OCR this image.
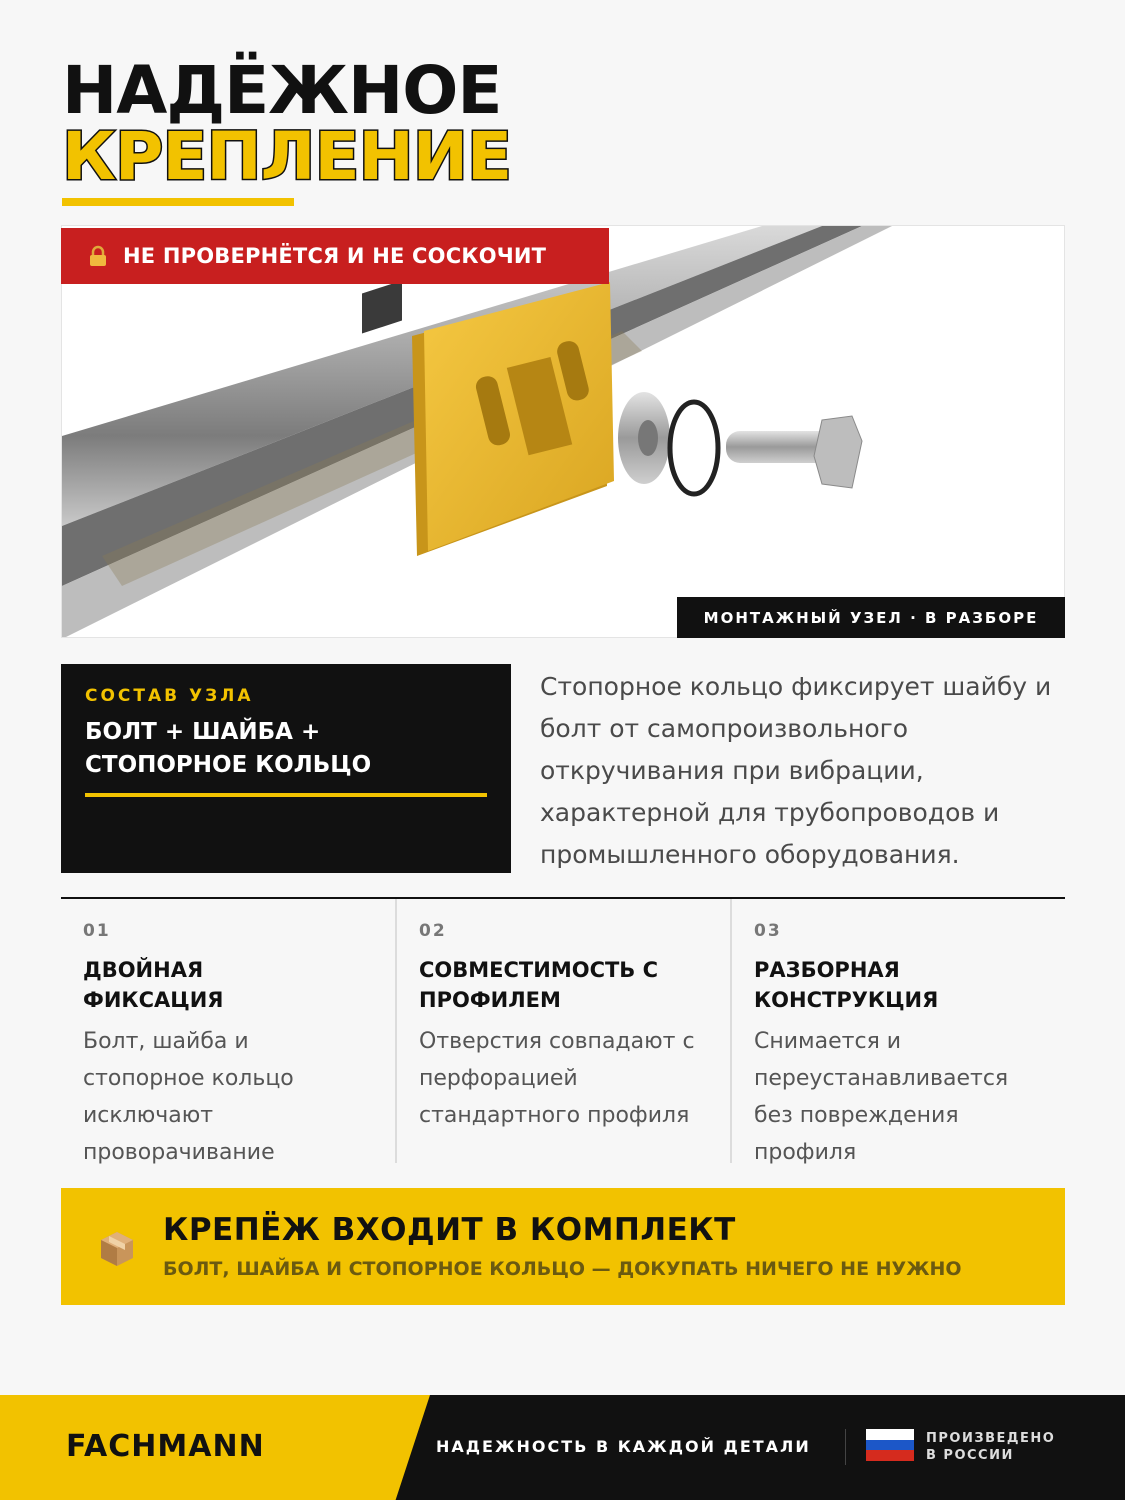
НАДЁЖНОЕ
КРЕПЛЕНИЕ
НЕ ПРОВЕРНЁТСЯ И НЕ СОСКОЧИТ
МОНТАЖНЫЙ УЗЕЛ · В РАЗБОРЕ
СОСТАВ УЗЛА
БОЛТ + ШАЙБА +
СТОПОРНОЕ КОЛЬЦО
Стопорное кольцо фиксирует шайбу и болт от самопроизвольного откручивания при вибрации, характерной для трубопроводов и промышленного оборудования.
01
ДВОЙНАЯ
ФИКСАЦИЯ
Болт, шайба и стопорное кольцо исключают проворачивание
02
СОВМЕСТИМОСТЬ С
ПРОФИЛЕМ
Отверстия совпадают с перфорацией стандартного профиля
03
РАЗБОРНАЯ
КОНСТРУКЦИЯ
Снимается и переустанавливается без повреждения профиля
КРЕПЁЖ ВХОДИТ В КОМПЛЕКТ
БОЛТ, ШАЙБА И СТОПОРНОЕ КОЛЬЦО — ДОКУПАТЬ НИЧЕГО НЕ НУЖНО
FACHMANN	НАДЕЖНОСТЬ В КАЖДОЙ ДЕТАЛИ	ПРОИЗВЕДЕНО
В РОССИИ
